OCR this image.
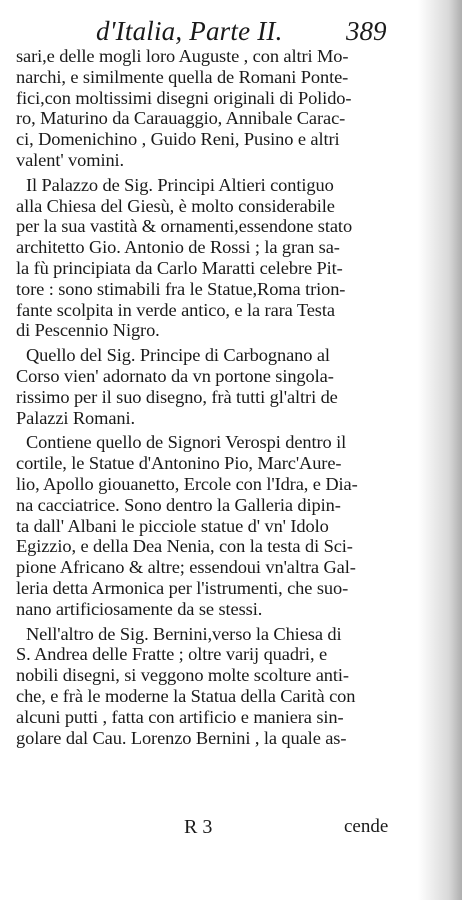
d'Italia, Parte II. 389
sari,e delle mogli loro Auguste , con altri Mo-
narchi, e similmente quella de Romani Ponte-
fici,con moltissimi disegni originali di Polido-
ro, Maturino da Carauaggio, Annibale Carac-
ci, Domenichino , Guido Reni, Pusino e altri
valent' vomini.
Il Palazzo de Sig. Principi Altieri contiguo
alla Chiesa del Giesù, è molto considerabile
per la sua vastità & ornamenti,essendone stato
architetto Gio. Antonio de Rossi ; la gran sa-
la fù principiata da Carlo Maratti celebre Pit-
tore : sono stimabili fra le Statue,Roma trion-
fante scolpita in verde antico, e la rara Testa
di Pescennio Nigro.
Quello del Sig. Principe di Carbognano al
Corso vien' adornato da vn portone singola-
rissimo per il suo disegno, frà tutti gl'altri de
Palazzi Romani.
Contiene quello de Signori Verospi dentro il
cortile, le Statue d'Antonino Pio, Marc'Aure-
lio, Apollo giouanetto, Ercole con l'Idra, e Dia-
na cacciatrice. Sono dentro la Galleria dipin-
ta dall' Albani le picciole statue d' vn' Idolo
Egizzio, e della Dea Nenia, con la testa di Sci-
pione Africano & altre; essendoui vn'altra Gal-
leria detta Armonica per l'istrumenti, che suo-
nano artificiosamente da se stessi.
Nell'altro de Sig. Bernini,verso la Chiesa di
S. Andrea delle Fratte ; oltre varij quadri, e
nobili disegni, si veggono molte scolture anti-
che, e frà le moderne la Statua della Carità con
alcuni putti , fatta con artificio e maniera sin-
golare dal Cau. Lorenzo Bernini , la quale as-
R 3	cende
